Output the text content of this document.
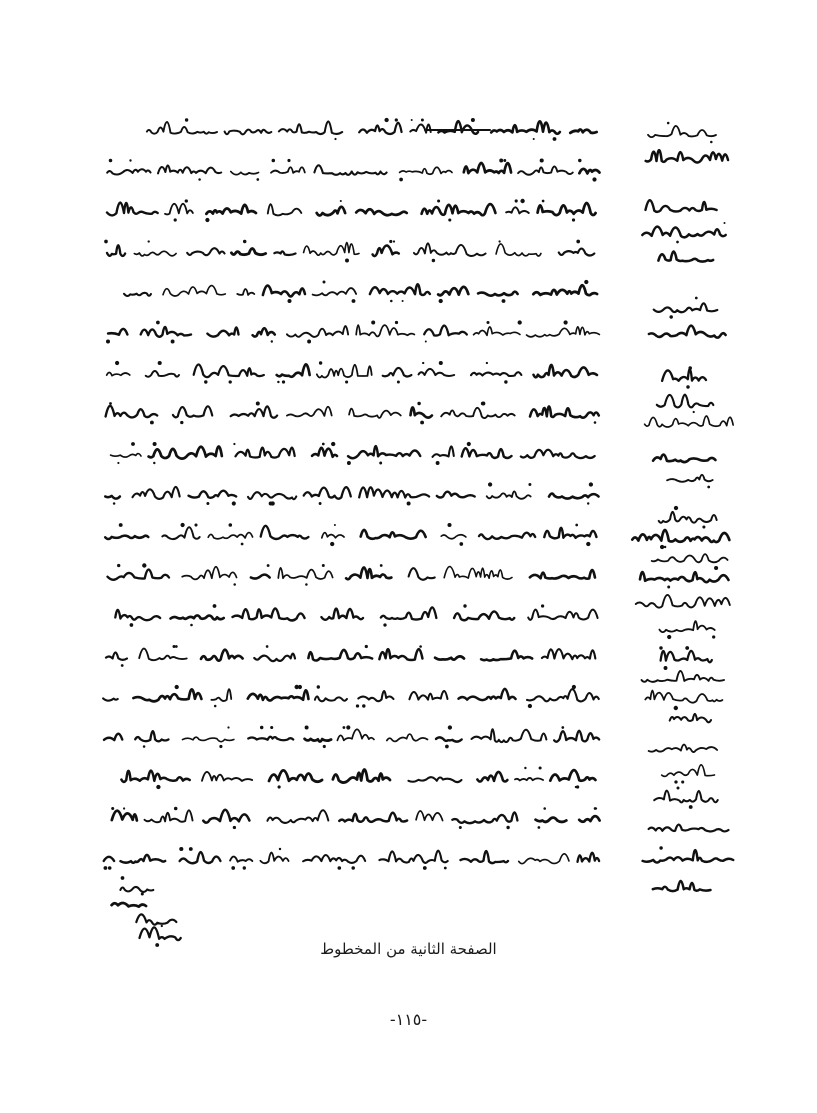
الصفحة الثانية من المخطوط
-١١٥-
